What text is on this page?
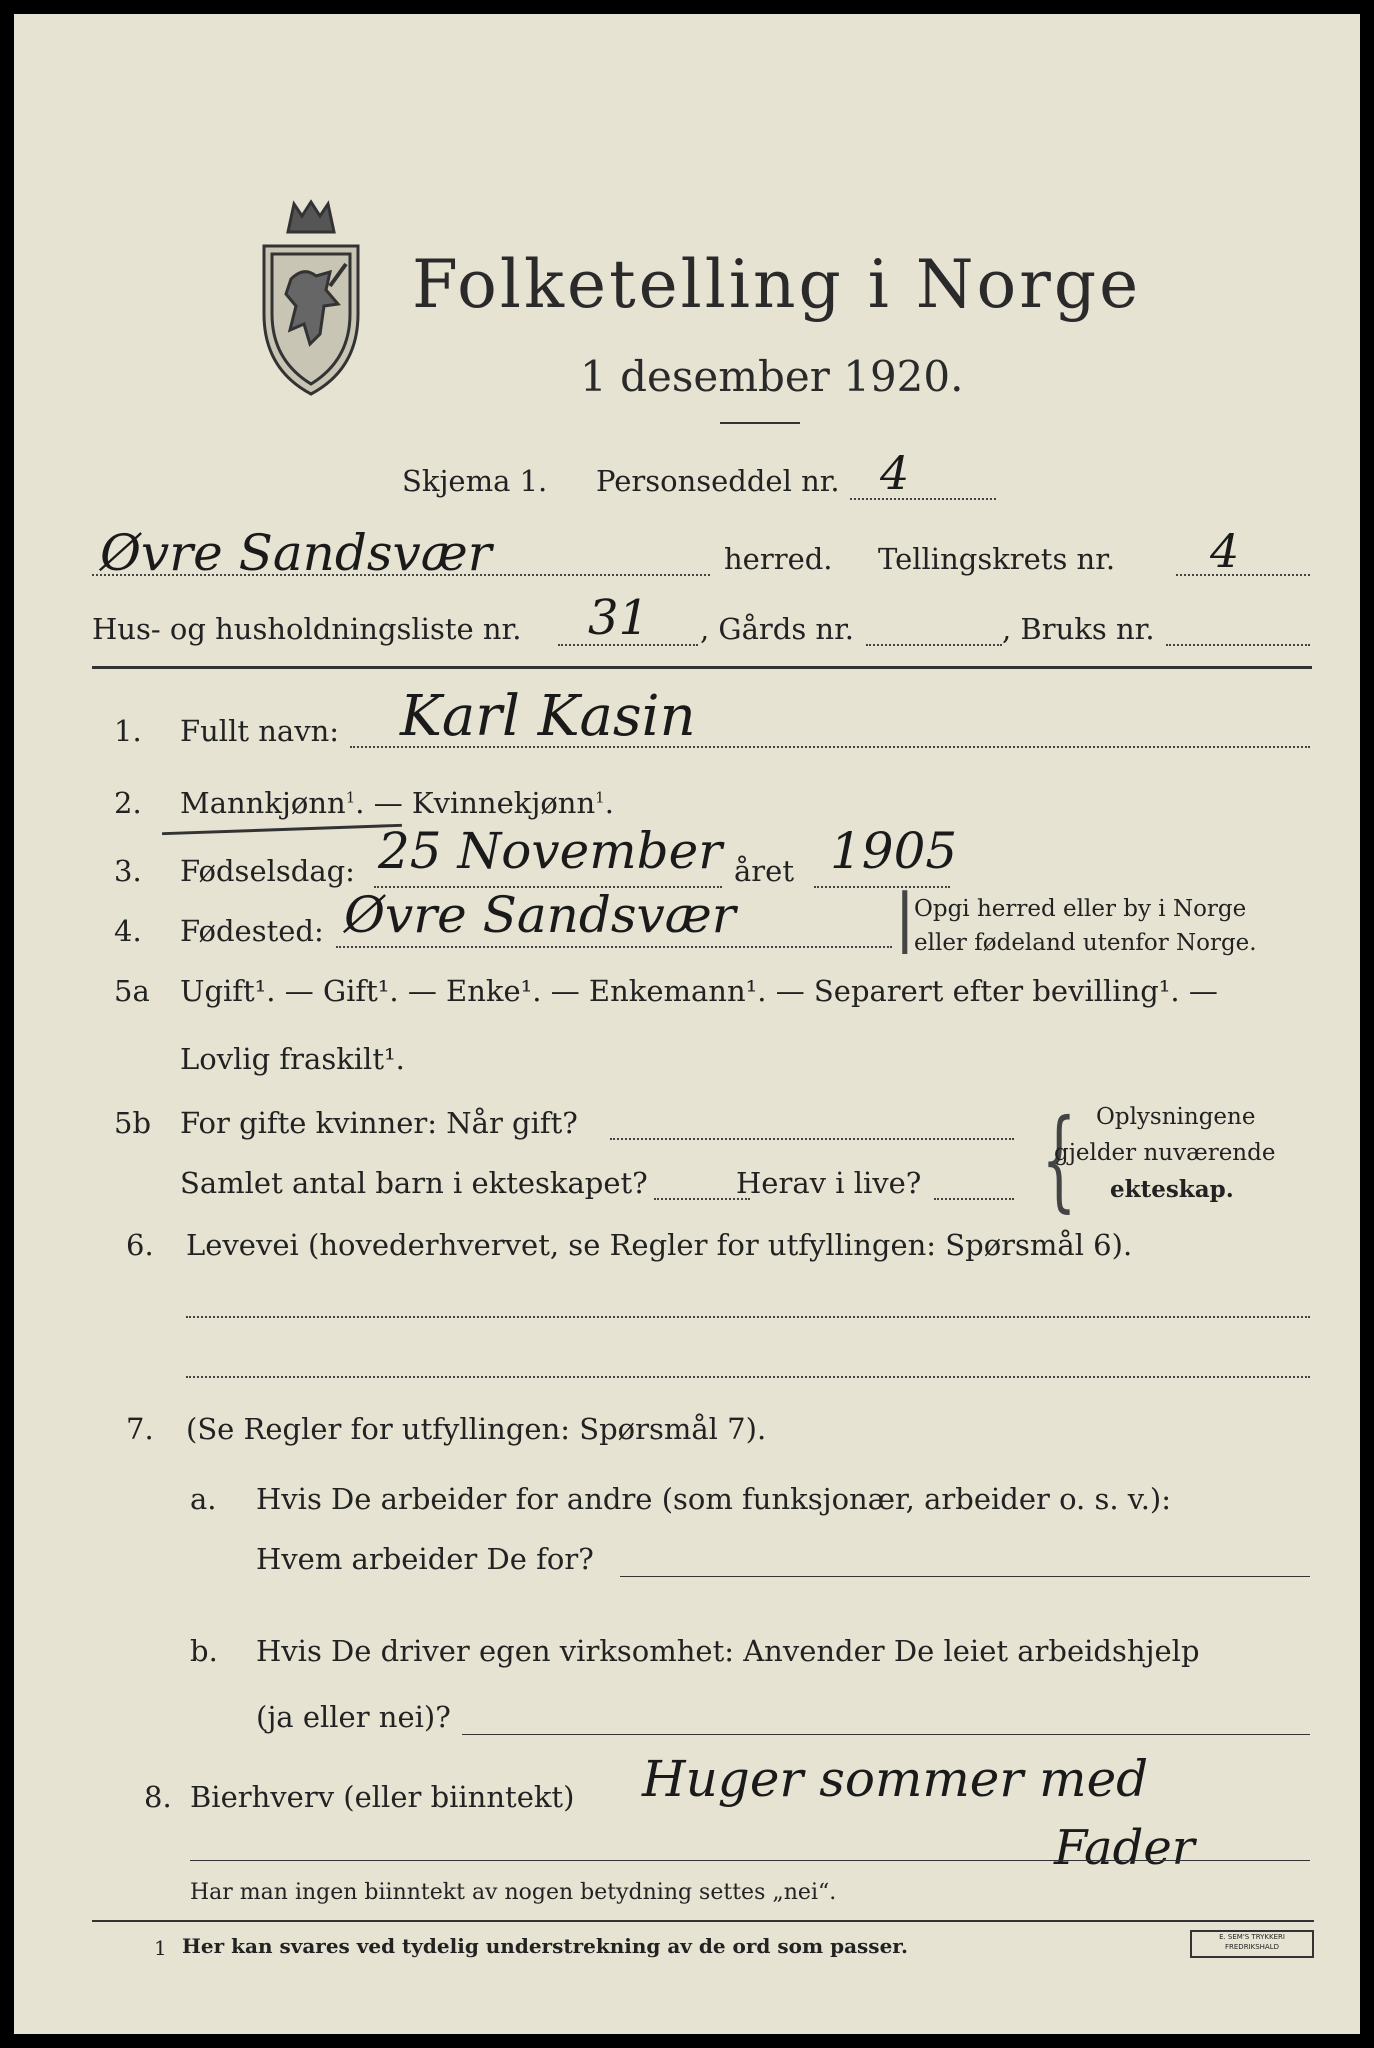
Folketelling i Norge
1 desember 1920.
Skjema 1. Personseddel nr. 4
Øvre Sandsvær	herred. Tellingskrets nr. 4
Hus- og husholdningsliste nr. 31 , Gårds nr.	, Bruks nr.
1. Fullt navn: Karl Kasin
2. Mannkjønn$^1$. — Kvinnekjønn$^1$.
3. Fødselsdag: 25 November året 1905
4. Fødested: Øvre Sandsvær |
Opgi herred eller by i Norge
eller fødeland utenfor Norge.
5a Ugift¹. — Gift¹. — Enke¹. — Enkemann¹. — Separert efter bevilling¹. —
Lovlig fraskilt¹.
5b For gifte kvinner: Når gift?
Samlet antal barn i ekteskapet?	Herav i live? { Oplysningene
gjelder nuværende
ekteskap.
6. Levevei (hovederhvervet, se Regler for utfyllingen: Spørsmål 6).
7. (Se Regler for utfyllingen: Spørsmål 7).
a. Hvis De arbeider for andre (som funksjonær, arbeider o. s. v.):
Hvem arbeider De for?
b. Hvis De driver egen virksomhet: Anvender De leiet arbeidshjelp
(ja eller nei)?
8. Bierhverv (eller biinntekt) Huger sommer med
Fader
Har man ingen biinntekt av nogen betydning settes „nei“.
1 Her kan svares ved tydelig understrekning av de ord som passer.	E. SEM'S TRYKKERI FREDRIKSHALD
